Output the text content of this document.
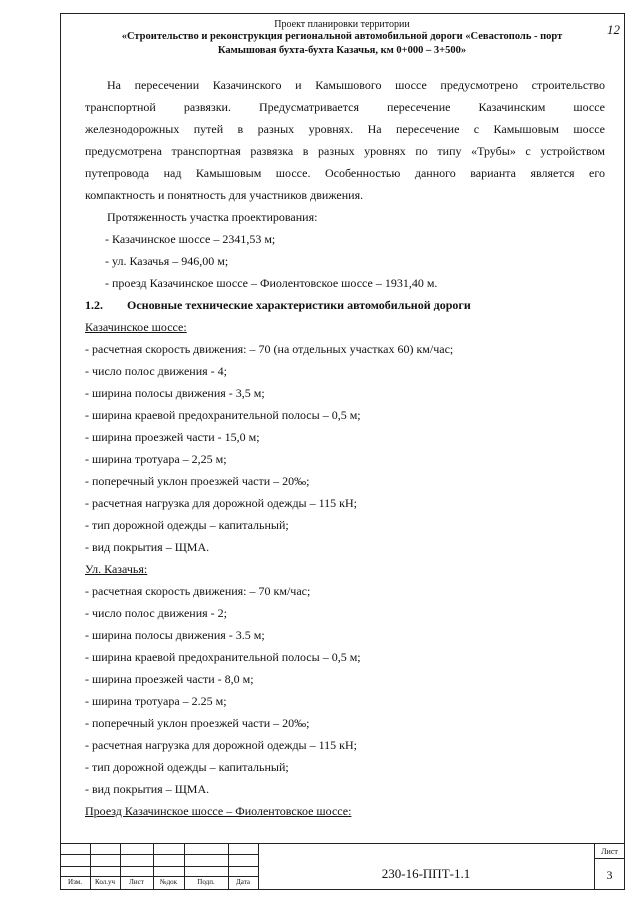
12
Проект планировки территории
«Строительство и реконструкция региональной автомобильной дороги «Севастополь - порт
Камышовая бухта-бухта Казачья, км 0+000 – 3+500»
На пересечении Казачинского и Камышового шоссе предусмотрено строительство
транспортной развязки. Предусматривается пересечение Казачинским шоссе
железнодорожных путей в разных уровнях. На пересечение с Камышовым шоссе
предусмотрена транспортная развязка в разных уровнях по типу «Трубы» с устройством
путепровода над Камышовым шоссе. Особенностью данного варианта является его
компактность и понятность для участников движения.
Протяженность участка проектирования:
- Казачинское шоссе – 2341,53 м;
- ул. Казачья – 946,00 м;
- проезд Казачинское шоссе – Фиолентовское шоссе – 1931,40 м.
1.2. Основные технические характеристики автомобильной дороги
Казачинское шоссе:
- расчетная скорость движения: – 70 (на отдельных участках 60) км/час;
- число полос движения - 4;
- ширина полосы движения - 3,5 м;
- ширина краевой предохранительной полосы – 0,5 м;
- ширина проезжей части - 15,0 м;
- ширина тротуара – 2,25 м;
- поперечный уклон проезжей части – 20‰;
- расчетная нагрузка для дорожной одежды – 115 кН;
- тип дорожной одежды – капитальный;
- вид покрытия – ЩМА.
Ул. Казачья:
- расчетная скорость движения: – 70 км/час;
- число полос движения - 2;
- ширина полосы движения - 3.5 м;
- ширина краевой предохранительной полосы – 0,5 м;
- ширина проезжей части - 8,0 м;
- ширина тротуара – 2.25 м;
- поперечный уклон проезжей части – 20‰;
- расчетная нагрузка для дорожной одежды – 115 кН;
- тип дорожной одежды – капитальный;
- вид покрытия – ЩМА.
Проезд Казачинское шоссе – Фиолентовское шоссе:
Изм.	Кол.уч	Лист	№док	Подп.	Дата
230-16-ППТ-1.1
Лист
3
